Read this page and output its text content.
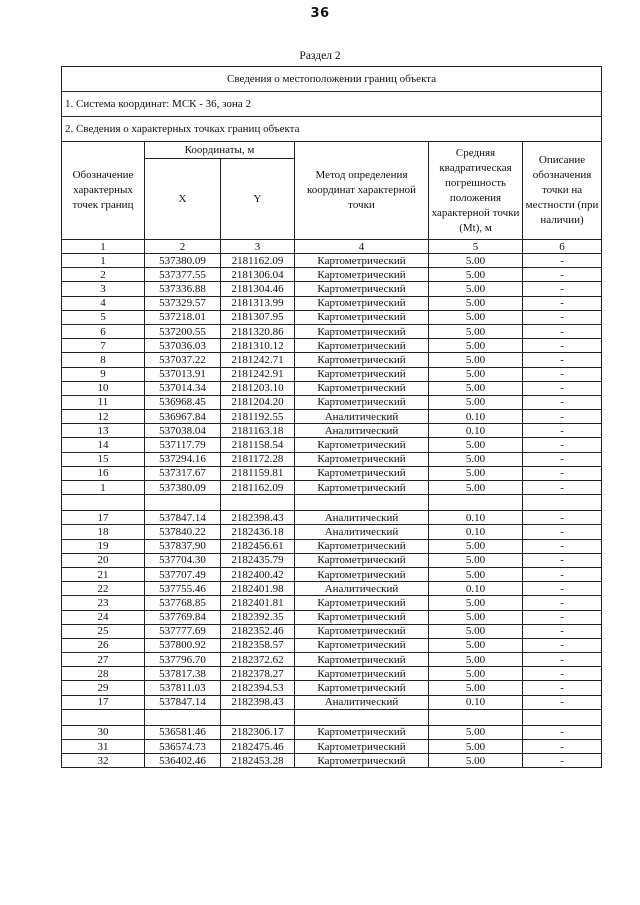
36
Раздел 2
Сведения о местоположении границ объекта					
1. Система координат: МСК - 36, зона 2					
2. Сведения о характерных точках границ объекта					
Обозначение характерных точек границ	Координаты, м		Метод определения координат характерной точки	Средняя квадратическая погрешность положения характерной точки (Mt), м	Описание обозначения точки на местности (при наличии)
	X	Y			
1	2	3	4	5	6
1	537380.09	2181162.09	Картометрический	5.00	-
2	537377.55	2181306.04	Картометрический	5.00	-
3	537336.88	2181304.46	Картометрический	5.00	-
4	537329.57	2181313.99	Картометрический	5.00	-
5	537218.01	2181307.95	Картометрический	5.00	-
6	537200.55	2181320.86	Картометрический	5.00	-
7	537036.03	2181310.12	Картометрический	5.00	-
8	537037.22	2181242.71	Картометрический	5.00	-
9	537013.91	2181242.91	Картометрический	5.00	-
10	537014.34	2181203.10	Картометрический	5.00	-
11	536968.45	2181204.20	Картометрический	5.00	-
12	536967.84	2181192.55	Аналитический	0.10	-
13	537038.04	2181163.18	Аналитический	0.10	-
14	537117.79	2181158.54	Картометрический	5.00	-
15	537294.16	2181172.28	Картометрический	5.00	-
16	537317.67	2181159.81	Картометрический	5.00	-
1	537380.09	2181162.09	Картометрический	5.00	-

17	537847.14	2182398.43	Аналитический	0.10	-
18	537840.22	2182436.18	Аналитический	0.10	-
19	537837.90	2182456.61	Картометрический	5.00	-
20	537704.30	2182435.79	Картометрический	5.00	-
21	537707.49	2182400.42	Картометрический	5.00	-
22	537755.46	2182401.98	Аналитический	0.10	-
23	537768.85	2182401.81	Картометрический	5.00	-
24	537769.84	2182392.35	Картометрический	5.00	-
25	537777.69	2182352.46	Картометрический	5.00	-
26	537800.92	2182358.57	Картометрический	5.00	-
27	537796.70	2182372.62	Картометрический	5.00	-
28	537817.38	2182378.27	Картометрический	5.00	-
29	537811.03	2182394.53	Картометрический	5.00	-
17	537847.14	2182398.43	Аналитический	0.10	-

30	536581.46	2182306.17	Картометрический	5.00	-
31	536574.73	2182475.46	Картометрический	5.00	-
32	536402.46	2182453.28	Картометрический	5.00	-
